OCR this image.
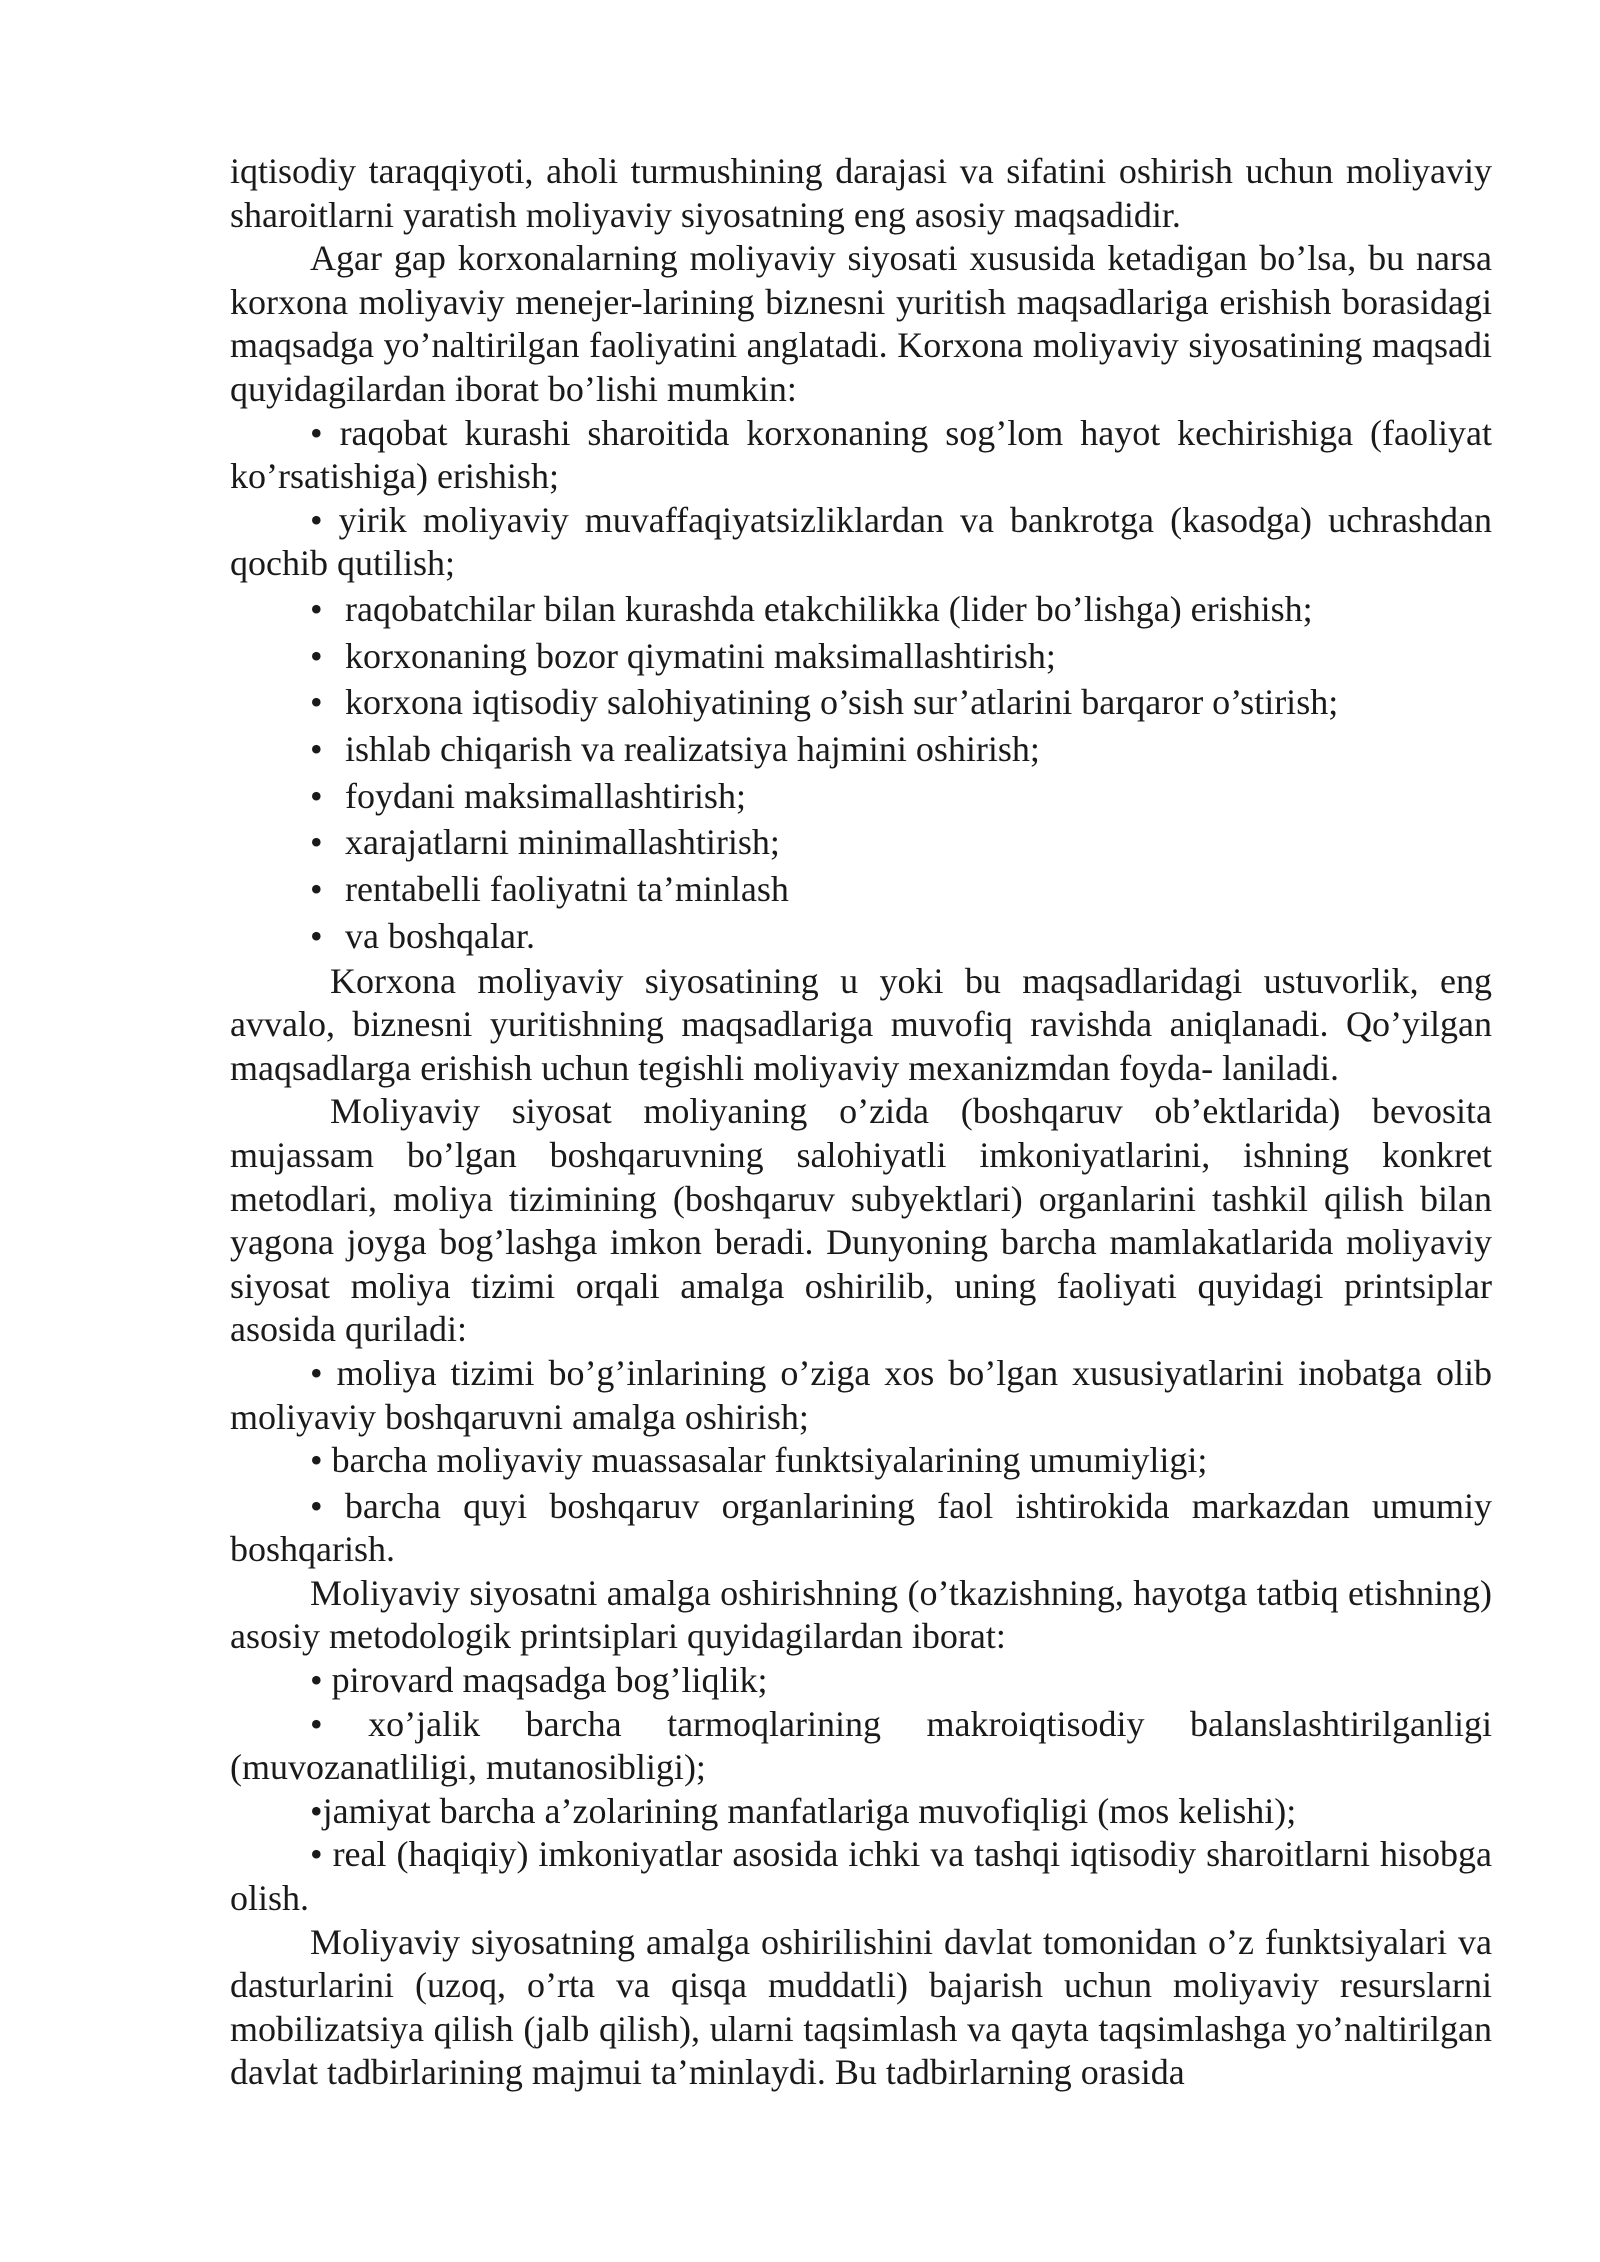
iqtisodiy taraqqiyoti, aholi turmushining darajasi va sifatini oshirish uchun moliyaviy sharoitlarni yaratish moliyaviy siyosatning eng asosiy maqsadidir.

Agar gap korxonalarning moliyaviy siyosati xususida ketadigan bo’lsa, bu narsa korxona moliyaviy menejer-larining biznesni yuritish maqsadlariga erishish borasidagi maqsadga yo’naltirilgan faoliyatini anglatadi. Korxona moliyaviy siyosatining maqsadi quyidagilardan iborat bo’lishi mumkin:

• raqobat kurashi sharoitida korxonaning sog’lom hayot kechirishiga (faoliyat ko’rsatishiga) erishish;

• yirik moliyaviy muvaffaqiyatsizliklardan va bankrotga (kasodga) uchrashdan qochib qutilish;

• raqobatchilar bilan kurashda etakchilikka (lider bo’lishga) erishish;
• korxonaning bozor qiymatini maksimallashtirish;
• korxona iqtisodiy salohiyatining o’sish sur’atlarini barqaror o’stirish;
• ishlab chiqarish va realizatsiya hajmini oshirish;
• foydani maksimallashtirish;
• xarajatlarni minimallashtirish;
• rentabelli faoliyatni ta’minlash
• va boshqalar.

Korxona moliyaviy siyosatining u yoki bu maqsadlaridagi ustuvorlik, eng avvalo, biznesni yuritishning maqsadlariga muvofiq ravishda aniqlanadi. Qo’yilgan maqsadlarga erishish uchun tegishli moliyaviy mexanizmdan foyda- laniladi.

Moliyaviy siyosat moliyaning o’zida (boshqaruv ob’ektlarida) bevosita mujassam bo’lgan boshqaruvning salohiyatli imkoniyatlarini, ishning konkret metodlari, moliya tizimining (boshqaruv subyektlari) organlarini tashkil qilish bilan yagona joyga bog’lashga imkon beradi. Dunyoning barcha mamlakatlarida moliyaviy siyosat moliya tizimi orqali amalga oshirilib, uning faoliyati quyidagi printsiplar asosida quriladi:

• moliya tizimi bo’g’inlarining o’ziga xos bo’lgan xususiyatlarini inobatga olib moliyaviy boshqaruvni amalga oshirish;

• barcha moliyaviy muassasalar funktsiyalarining umumiyligi;

• barcha quyi boshqaruv organlarining faol ishtirokida markazdan umumiy boshqarish.

Moliyaviy siyosatni amalga oshirishning (o’tkazishning, hayotga tatbiq etishning) asosiy metodologik printsiplari quyidagilardan iborat:

• pirovard maqsadga bog’liqlik;

• xo’jalik barcha tarmoqlarining makroiqtisodiy balanslashtirilganligi (muvozanatliligi, mutanosibligi);

•jamiyat barcha a’zolarining manfatlariga muvofiqligi (mos kelishi);

• real (haqiqiy) imkoniyatlar asosida ichki va tashqi iqtisodiy sharoitlarni hisobga olish.

Moliyaviy siyosatning amalga oshirilishini davlat tomonidan o’z funktsiyalari va dasturlarini (uzoq, o’rta va qisqa muddatli) bajarish uchun moliyaviy resurslarni mobilizatsiya qilish (jalb qilish), ularni taqsimlash va qayta taqsimlashga yo’naltirilgan davlat tadbirlarining majmui ta’minlaydi. Bu tadbirlarning orasida
